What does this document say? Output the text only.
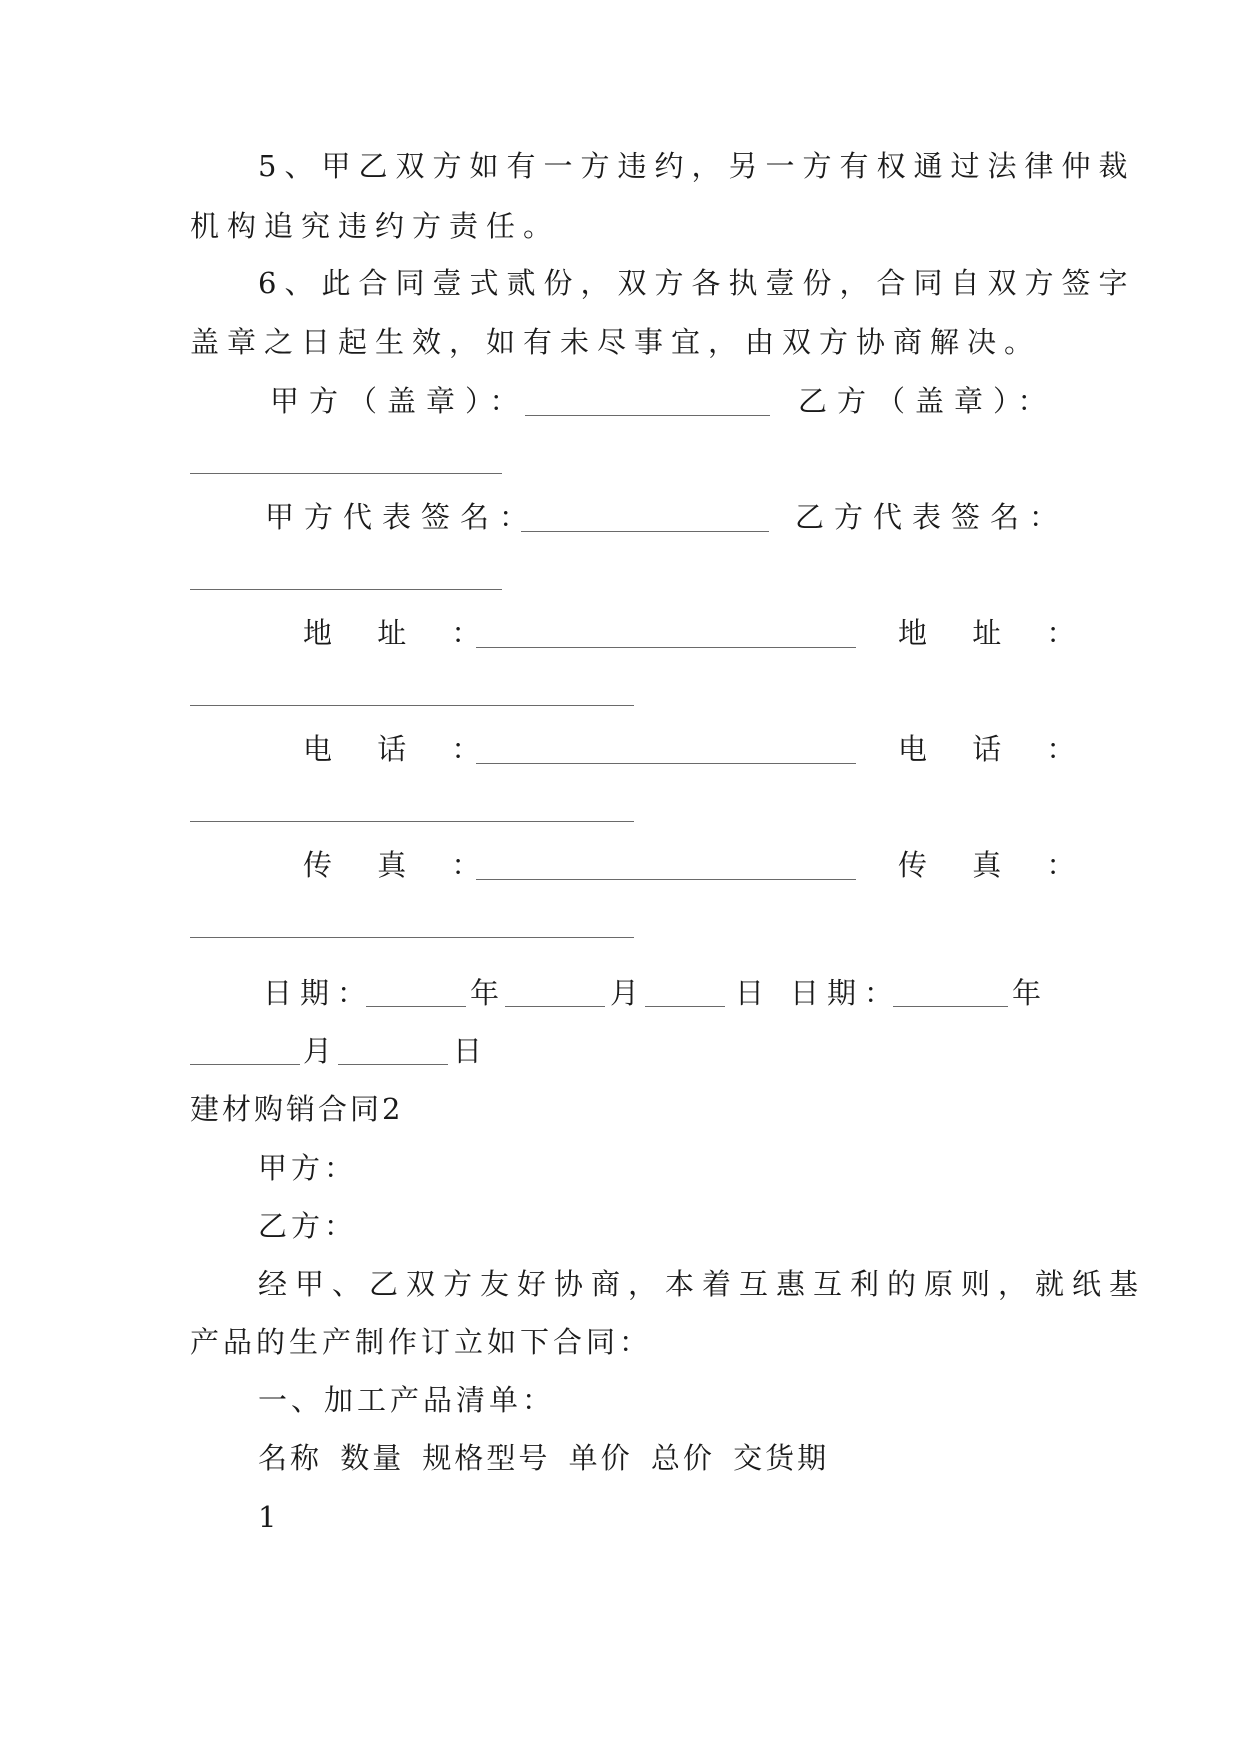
5、甲乙双方如有一方违约，另一方有权通过法律仲裁
机构追究违约方责任。
6、此合同壹式贰份，双方各执壹份，合同自双方签字
盖章之日起生效，如有未尽事宜，由双方协商解决。
甲方（盖章）：	乙方（盖章）：
甲方代表签名：	乙方代表签名：
地 址 ：	地 址 ：
电 话 ：	电 话 ：
传 真 ：	传 真 ：
日期：	年	月	日 日期：	年
月	日
建材购销合同2
甲方：
乙方：
经甲、乙双方友好协商，本着互惠互利的原则，就纸基
产品的生产制作订立如下合同：
一、加工产品清单：
名称 数量 规格型号 单价 总价 交货期
1
